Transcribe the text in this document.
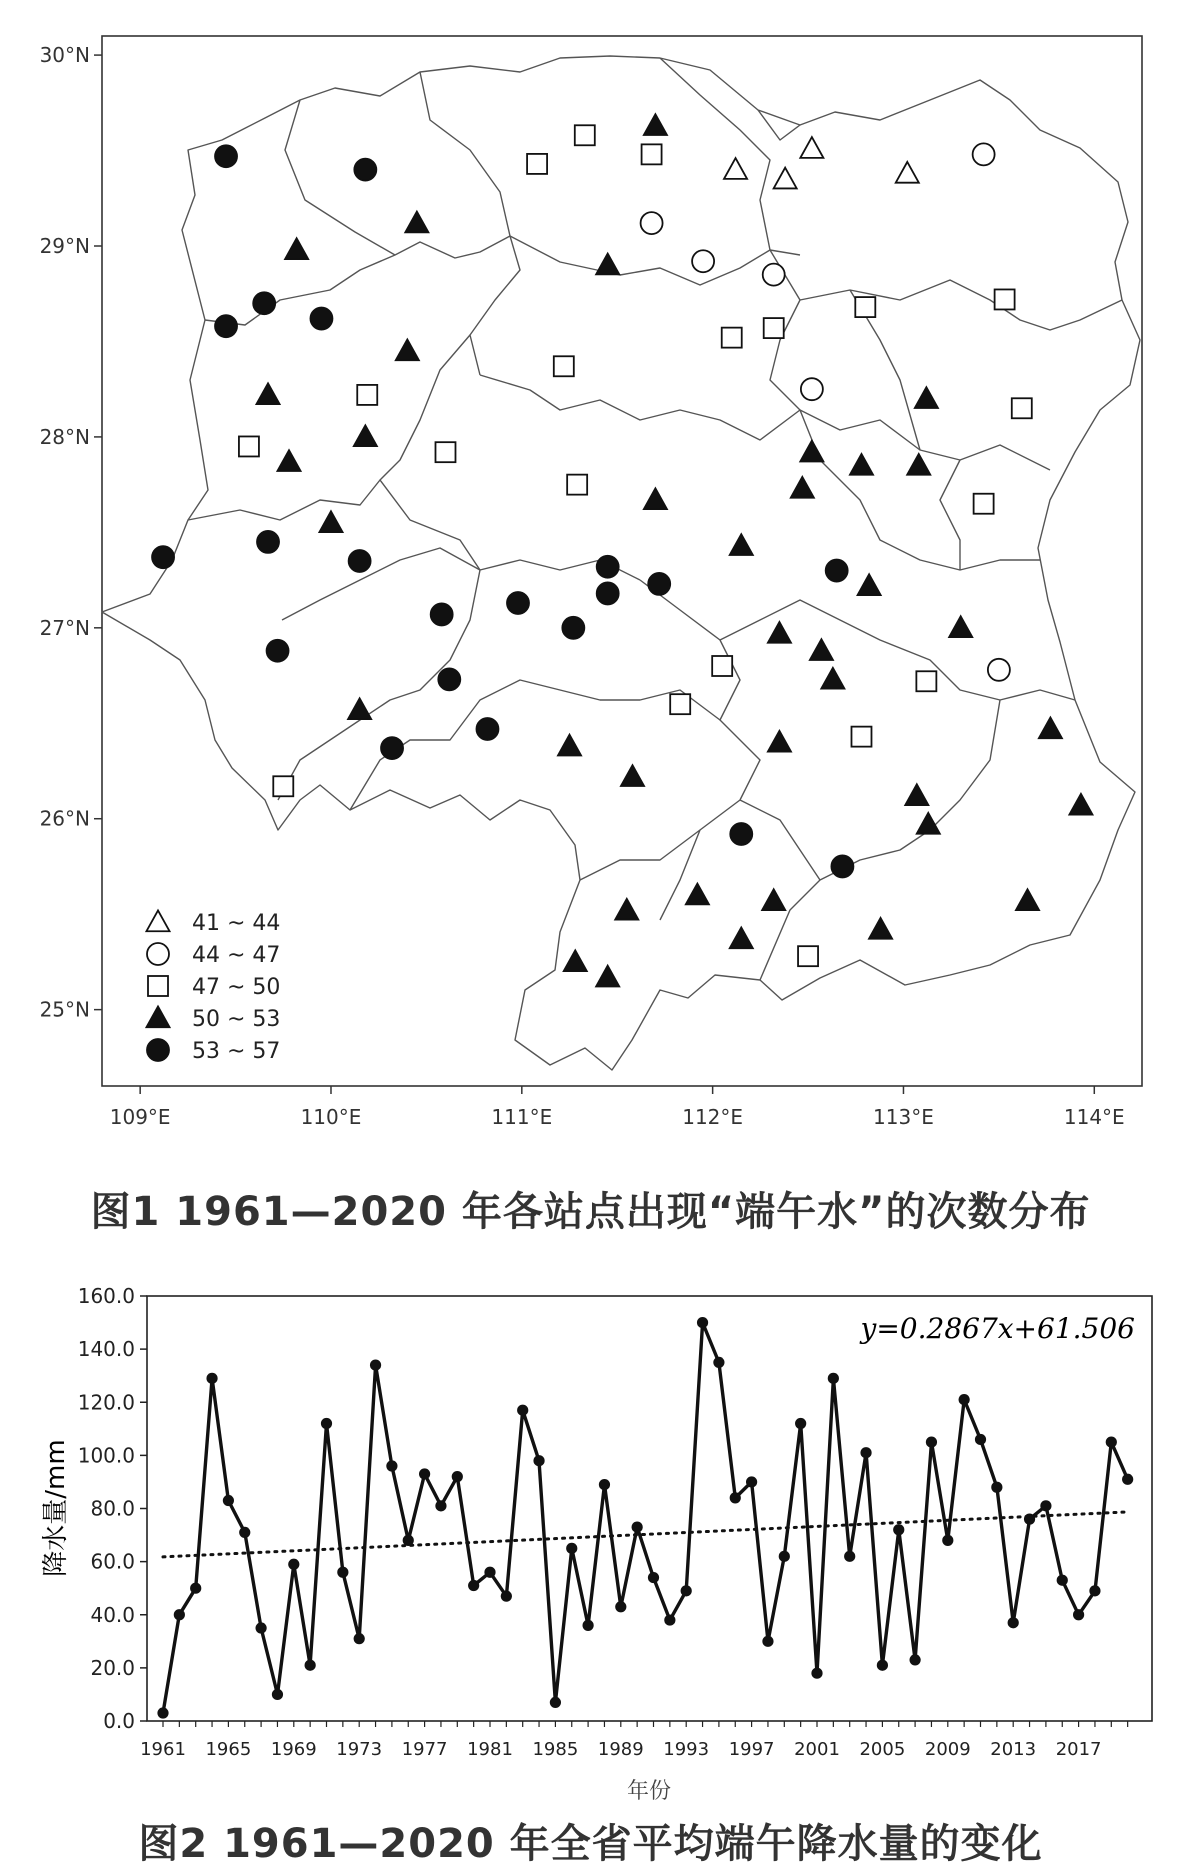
109°E	110°E	111°E	112°E	113°E	114°E
25°N
26°N
27°N
28°N
29°N
30°N
41 ~ 44
44 ~ 47
47 ~ 50
50 ~ 53
53 ~ 57
图1 1961—2020 年各站点出现“端午水”的次数分布
0.0
20.0
40.0
60.0
80.0
100.0
120.0
140.0
160.0
1961 1965 1969 1973 1977 1981 1985 1989 1993 1997 2001 2005 2009 2013 2017
y=0.2867x+61.506
降水量/mm
年份
图2 1961—2020 年全省平均端午降水量的变化
